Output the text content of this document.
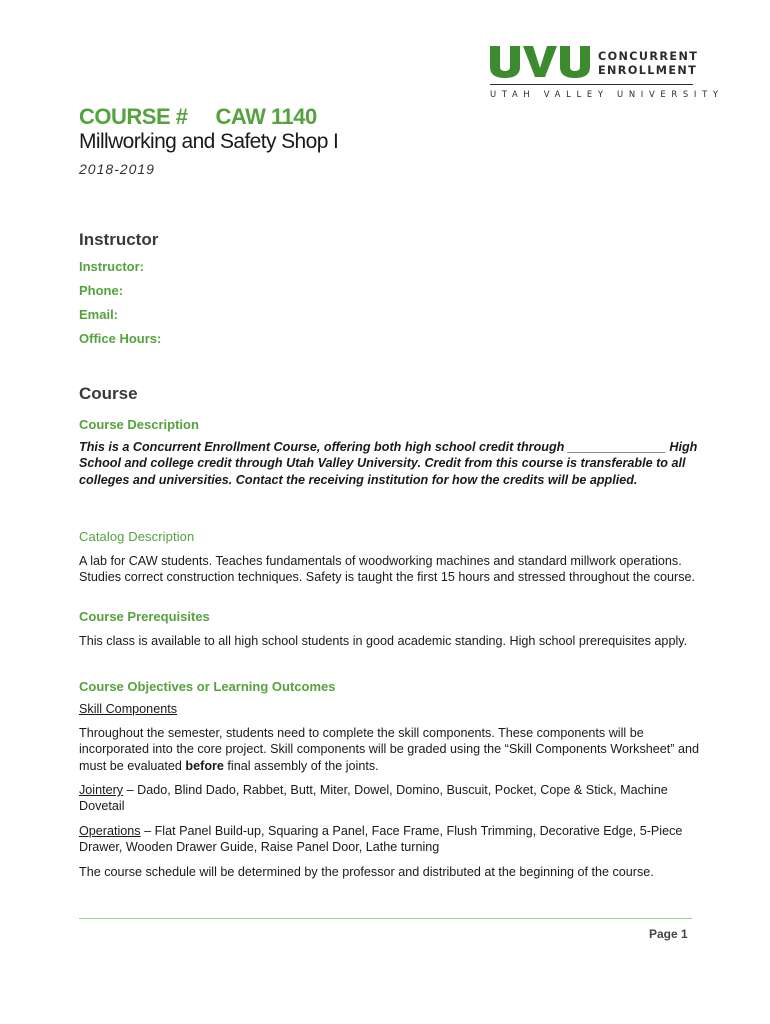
CONCURRENT
ENROLLMENT
UTAH VALLEY UNIVERSITY
COURSE #     CAW 1140
Millworking and Safety Shop I
2018-2019
Instructor
Instructor:
Phone:
Email:
Office Hours:
Course
Course Description

This is a Concurrent Enrollment Course, offering both high school credit through ______________ High School and college credit through Utah Valley University. Credit from this course is transferable to all colleges and universities. Contact the receiving institution for how the credits will be applied.

Catalog Description

A lab for CAW students. Teaches fundamentals of woodworking machines and standard millwork operations. Studies correct construction techniques. Safety is taught the first 15 hours and stressed throughout the course.

Course Prerequisites

This class is available to all high school students in good academic standing. High school prerequisites apply.

Course Objectives or Learning Outcomes

Skill Components

Throughout the semester, students need to complete the skill components. These components will be incorporated into the core project. Skill components will be graded using the “Skill Components Worksheet” and must be evaluated before final assembly of the joints.

Jointery – Dado, Blind Dado, Rabbet, Butt, Miter, Dowel, Domino, Buscuit, Pocket, Cope & Stick, Machine Dovetail

Operations – Flat Panel Build-up, Squaring a Panel, Face Frame, Flush Trimming, Decorative Edge, 5-Piece Drawer, Wooden Drawer Guide, Raise Panel Door, Lathe turning

The course schedule will be determined by the professor and distributed at the beginning of the course.

Page 1
